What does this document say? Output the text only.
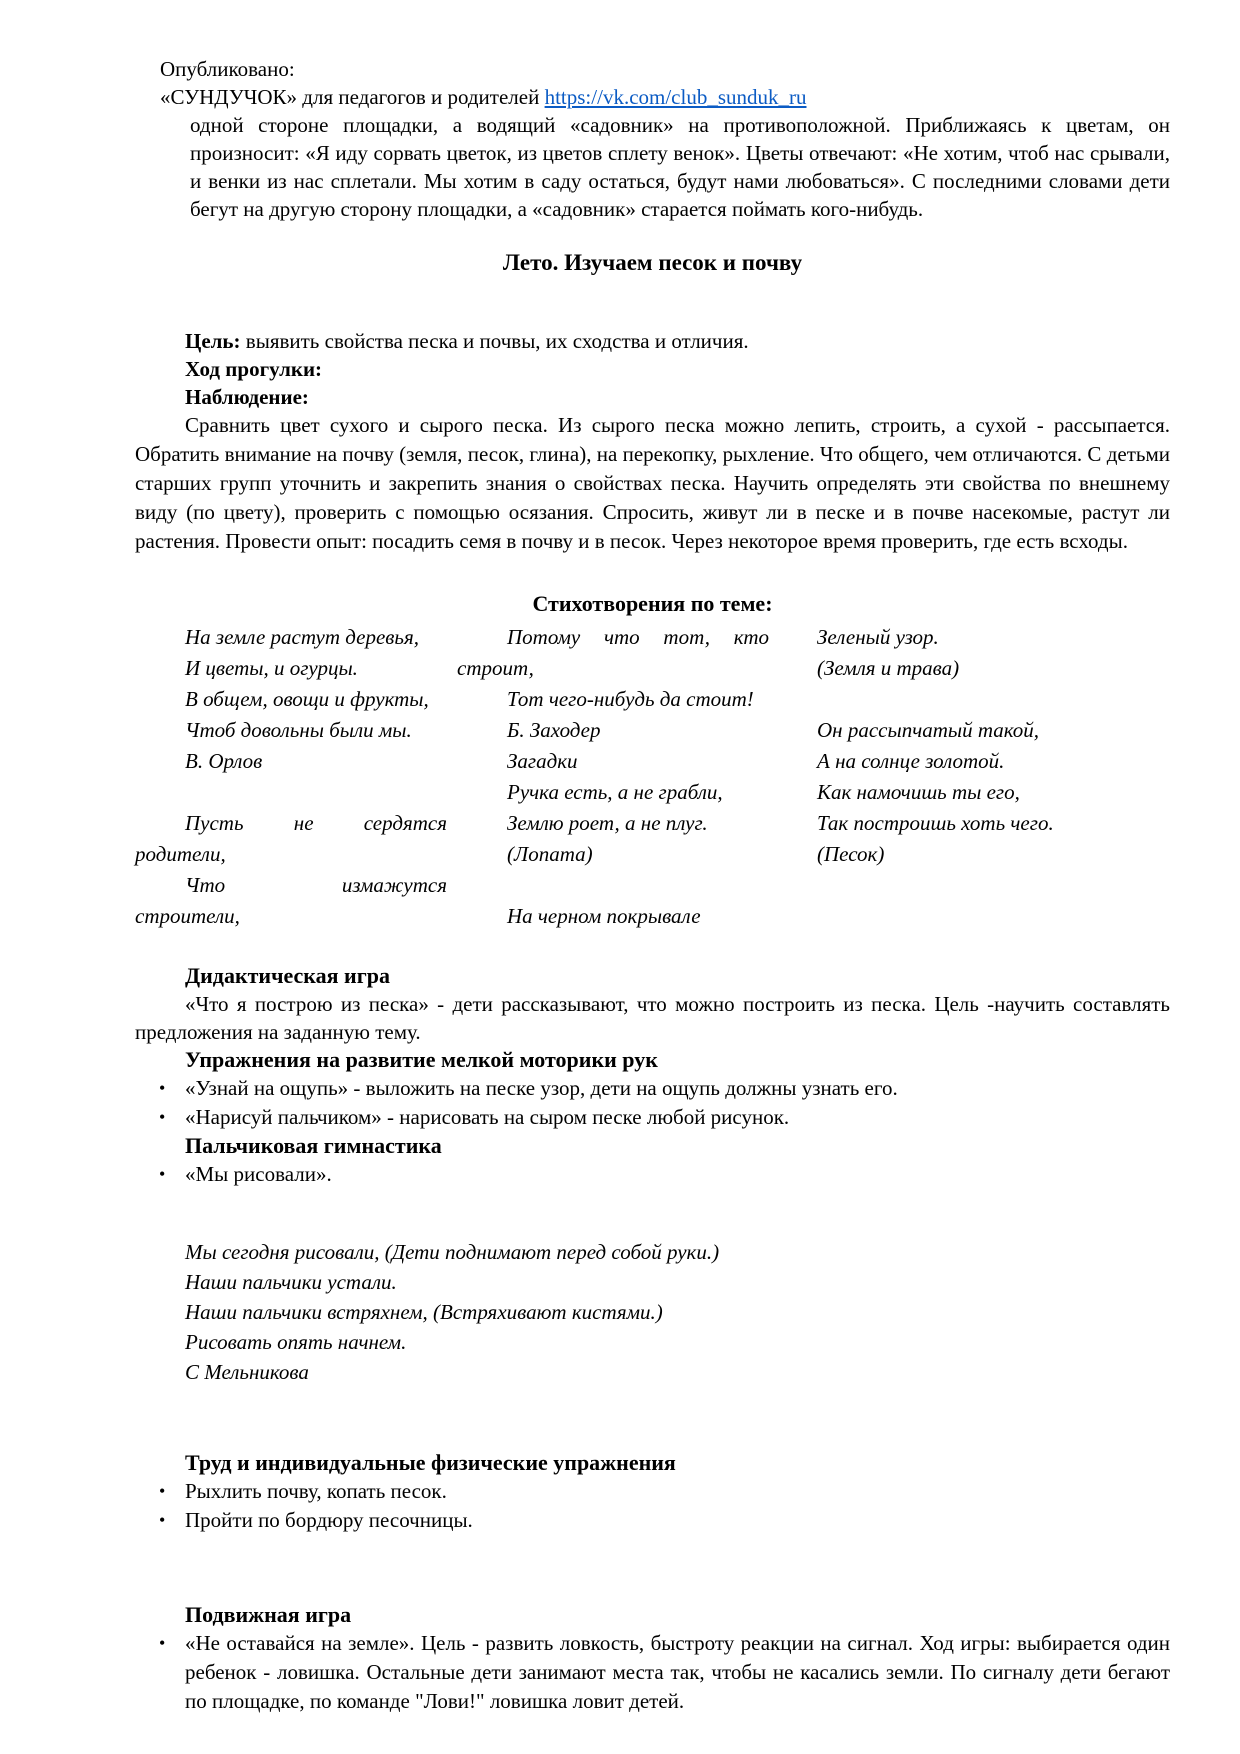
Опубликовано:

«СУНДУЧОК» для педагогов и родителей https://vk.com/club_sunduk_ru

одной стороне площадки, а водящий «садовник» на противоположной. Приближаясь к цветам, он произносит: «Я иду сорвать цветок, из цветов сплету венок». Цветы отвечают: «Не хотим, чтоб нас срывали, и венки из нас сплетали. Мы хотим в саду остаться, будут нами любоваться». С последними словами дети бегут на другую сторону площадки, а «садовник» старается поймать кого-нибудь.

Лето. Изучаем песок и почву

Цель: выявить свойства песка и почвы, их сходства и отличия.

Ход прогулки:

Наблюдение:

Сравнить цвет сухого и сырого песка. Из сырого песка можно лепить, строить, а сухой - рассыпается. Обратить внимание на почву (земля, песок, глина), на перекопку, рыхление. Что общего, чем отличаются. С детьми старших групп уточнить и закрепить знания о свойствах песка. Научить определять эти свойства по внешнему виду (по цвету), проверить с помощью осязания. Спросить, живут ли в песке и в почве насекомые, растут ли растения. Провести опыт: посадить семя в почву и в песок. Через некоторое время проверить, где есть всходы.

Стихотворения по теме:
На земле растут деревья,
И цветы, и огурцы.
В общем, овощи и фрукты,
Чтоб довольны были мы.
В. Орлов
Пусть не сердятся
родители,
Что измажутся
строители,
Потому что тот, кто
строит,
Тот чего-нибудь да стоит!
Б. Заходер
Загадки
Ручка есть, а не грабли,
Землю роет, а не плуг.
(Лопата)
На черном покрывале
Зеленый узор.
(Земля и трава)
Он рассыпчатый такой,
А на солнце золотой.
Как намочишь ты его,
Так построишь хоть чего.
(Песок)
Дидактическая игра

«Что я построю из песка» - дети рассказывают, что можно построить из песка. Цель -научить составлять предложения на заданную тему.

Упражнения на развитие мелкой моторики рук
• «Узнай на ощупь» - выложить на песке узор, дети на ощупь должны узнать его.
• «Нарисуй пальчиком» - нарисовать на сыром песке любой рисунок.
Пальчиковая гимнастика
• «Мы рисовали».
Мы сегодня рисовали, (Дети поднимают перед собой руки.)
Наши пальчики устали.
Наши пальчики встряхнем, (Встряхивают кистями.)
Рисовать опять начнем.
С Мельникова
Труд и индивидуальные физические упражнения
• Рыхлить почву, копать песок.
• Пройти по бордюру песочницы.
Подвижная игра
• «Не оставайся на земле». Цель - развить ловкость, быстроту реакции на сигнал. Ход игры: выбирается один ребенок - ловишка. Остальные дети занимают места так, чтобы не касались земли. По сигналу дети бегают по площадке, по команде "Лови!" ловишка ловит детей.
